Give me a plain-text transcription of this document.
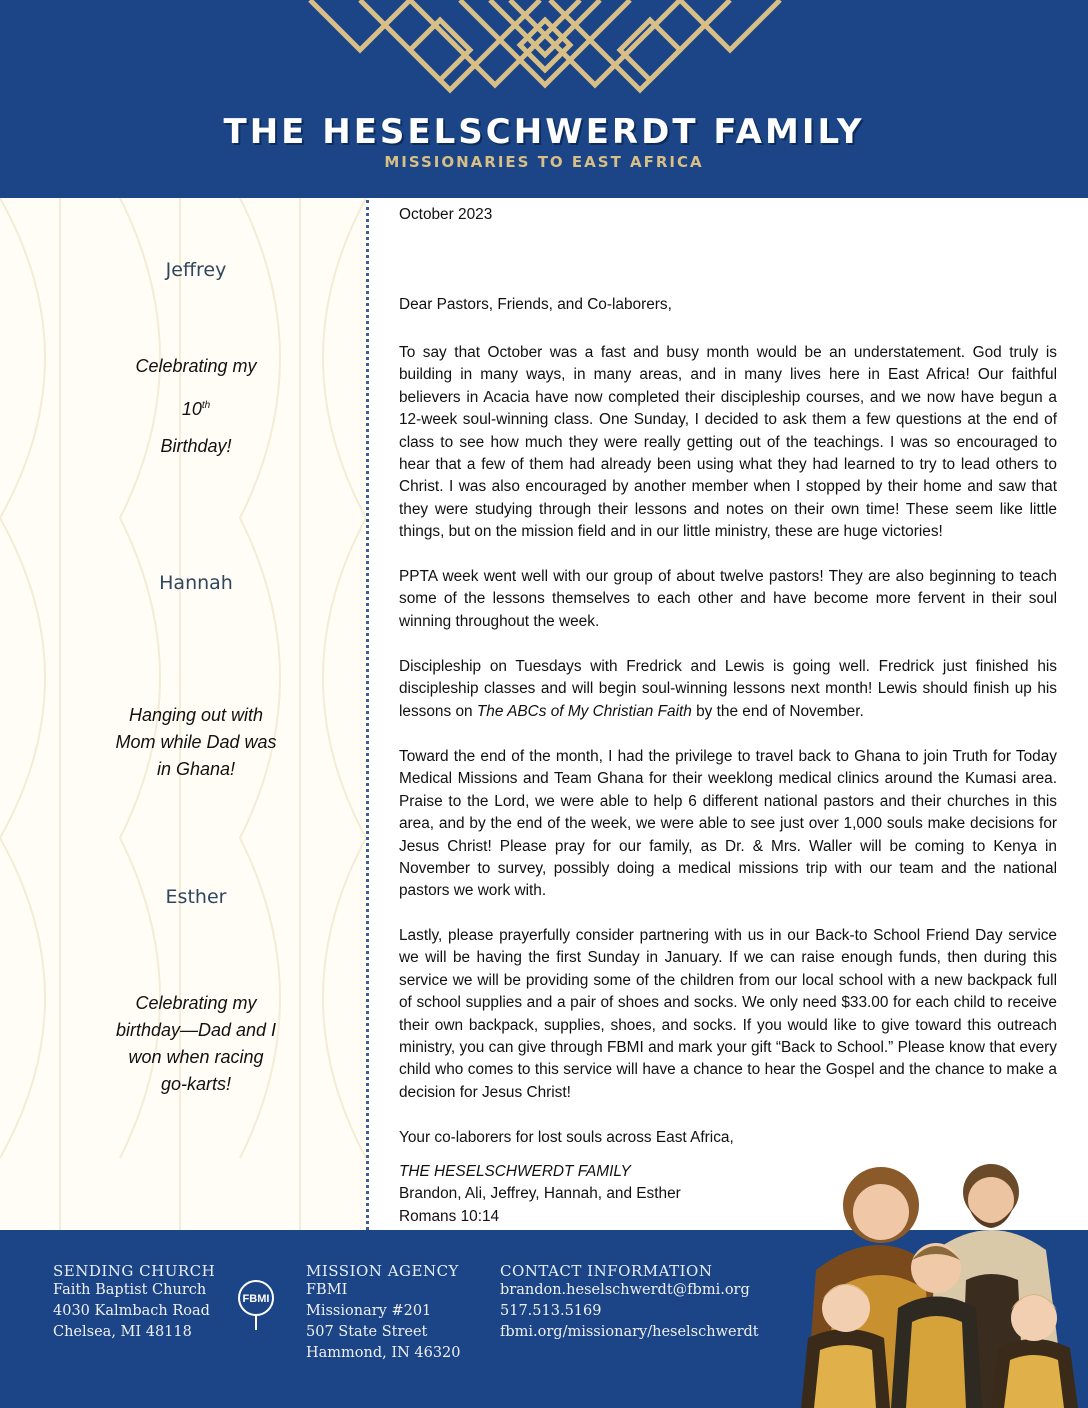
THE HESELSCHWERDT FAMILY
MISSIONARIES TO EAST AFRICA
Jeffrey
Celebrating my
10th
Birthday!
Hannah
Hanging out with
Mom while Dad was
in Ghana!
Esther
Celebrating my
birthday—Dad and I
won when racing
go-karts!
October 2023
Dear Pastors, Friends, and Co-laborers,
To say that October was a fast and busy month would be an understatement. God truly is building in many ways, in many areas, and in many lives here in East Africa! Our faithful believers in Acacia have now completed their discipleship courses, and we now have begun a 12-week soul-winning class. One Sunday, I decided to ask them a few questions at the end of class to see how much they were really getting out of the teachings. I was so encouraged to hear that a few of them had already been using what they had learned to try to lead others to Christ. I was also encouraged by another member when I stopped by their home and saw that they were studying through their lessons and notes on their own time! These seem like little things, but on the mission field and in our little ministry, these are huge victories!
PPTA week went well with our group of about twelve pastors! They are also beginning to teach some of the lessons themselves to each other and have become more fervent in their soul winning throughout the week.
Discipleship on Tuesdays with Fredrick and Lewis is going well. Fredrick just finished his discipleship classes and will begin soul-winning lessons next month! Lewis should finish up his lessons on The ABCs of My Christian Faith by the end of November.
Toward the end of the month, I had the privilege to travel back to Ghana to join Truth for Today Medical Missions and Team Ghana for their weeklong medical clinics around the Kumasi area. Praise to the Lord, we were able to help 6 different national pastors and their churches in this area, and by the end of the week, we were able to see just over 1,000 souls make decisions for Jesus Christ! Please pray for our family, as Dr. & Mrs. Waller will be coming to Kenya in November to survey, possibly doing a medical missions trip with our team and the national pastors we work with.
Lastly, please prayerfully consider partnering with us in our Back-to School Friend Day service we will be having the first Sunday in January. If we can raise enough funds, then during this service we will be providing some of the children from our local school with a new backpack full of school supplies and a pair of shoes and socks. We only need $33.00 for each child to receive their own backpack, supplies, shoes, and socks. If you would like to give toward this outreach ministry, you can give through FBMI and mark your gift “Back to School.” Please know that every child who comes to this service will have a chance to hear the Gospel and the chance to make a decision for Jesus Christ!
Your co-laborers for lost souls across East Africa,
THE HESELSCHWERDT FAMILY
Brandon, Ali, Jeffrey, Hannah, and Esther
Romans 10:14
SENDING CHURCH
Faith Baptist Church
4030 Kalmbach Road
Chelsea, MI 48118
FBMI
MISSION AGENCY
FBMI
Missionary #201
507 State Street
Hammond, IN 46320
CONTACT INFORMATION
brandon.heselschwerdt@fbmi.org
517.513.5169
fbmi.org/missionary/heselschwerdt
